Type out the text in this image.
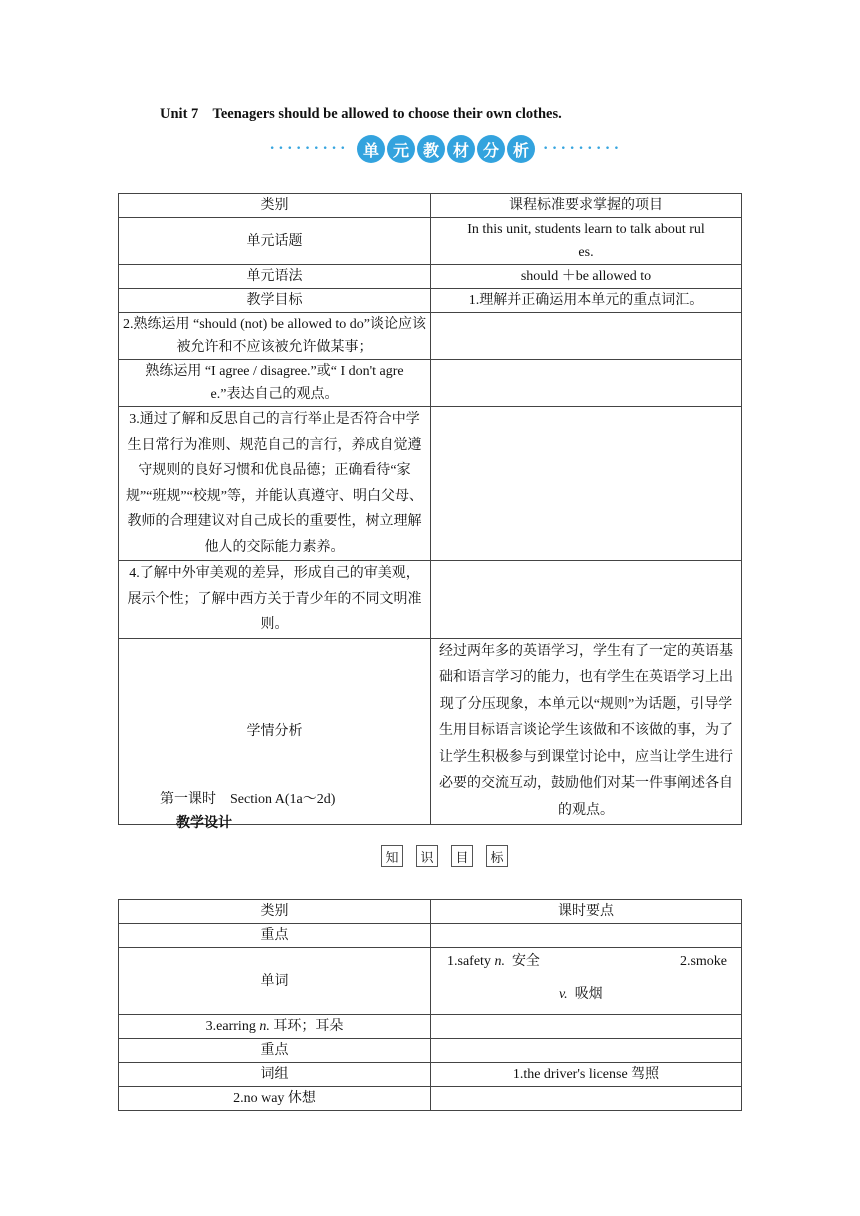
Unit 7    Teenagers should be allowed to choose their own clothes.
········· 单 元 教 材 分 析 ·········
类别	课程标准要求掌握的项目
单元话题	In this unit, students learn to talk about rules.
单元语法	should ＋be allowed to
教学目标	1.理解并正确运用本单元的重点词汇。
2.熟练运用 “should (not) be allowed to do”谈论应该被允许和不应该被允许做某事；	
熟练运用 “I agree / disagree.”或“ I don't agree.”表达自己的观点。	
3.通过了解和反思自己的言行举止是否符合中学生日常行为准则、规范自己的言行，养成自觉遵守规则的良好习惯和优良品德；正确看待“家规”“班规”“校规”等，并能认真遵守、明白父母、教师的合理建议对自己成长的重要性，树立理解他人的交际能力素养。	
4.了解中外审美观的差异，形成自己的审美观，展示个性；了解中西方关于青少年的不同文明准则。	
学情分析	经过两年多的英语学习，学生有了一定的英语基础和语言学习的能力，也有学生在英语学习上出现了分压现象，本单元以“规则”为话题，引导学生用目标语言谈论学生该做和不该做的事，为了让学生积极参与到课堂讨论中，应当让学生进行必要的交流互动，鼓励他们对某一件事阐述各自的观点。
第一课时    Section A(1a～2d)
教学设计
知	识	目	标
类别	课时要点
重点	
单词	1.safety n.  安全 2.smoke
v.  吸烟

3.earring n. 耳环；耳朵	
重点	
词组	1.the driver's license 驾照
2.no way 休想	
